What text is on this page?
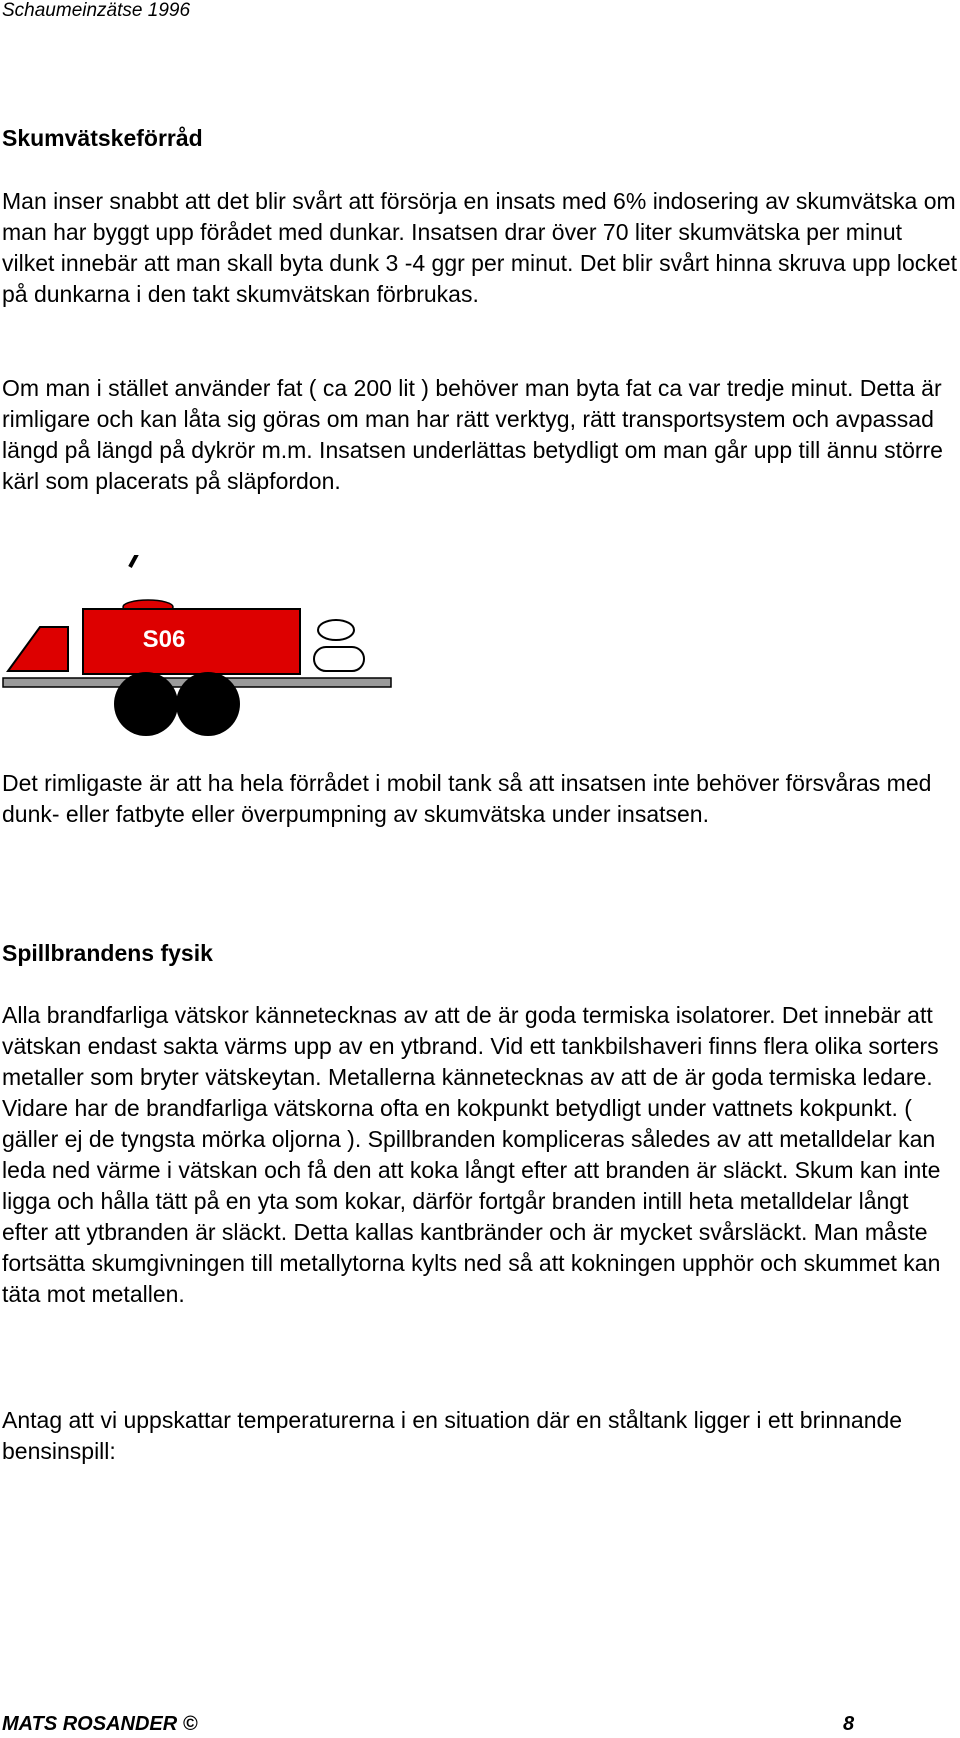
Schaumeinzätse 1996
Skumvätskeförråd

Man inser snabbt att det blir svårt att försörja en insats med 6% indosering av skumvätska om man har byggt upp förådet med dunkar. Insatsen drar över 70 liter skumvätska per minut vilket innebär att man skall byta dunk 3 -4 ggr per minut. Det blir svårt hinna skruva upp locket på dunkarna i den takt skumvätskan förbrukas.

Om man i stället använder fat ( ca 200 lit ) behöver man byta fat ca var tredje minut. Detta är rimligare och kan låta sig göras om man har rätt verktyg, rätt transportsystem och avpassad längd på längd på dykrör m.m. Insatsen underlättas betydligt om man går upp till ännu större kärl som placerats på släpfordon.

S06

Det rimligaste är att ha hela förrådet i mobil tank så att insatsen inte behöver försvåras med dunk- eller fatbyte eller överpumpning av skumvätska under insatsen.

Spillbrandens fysik

Alla brandfarliga vätskor kännetecknas av att de är goda termiska isolatorer. Det innebär att vätskan endast sakta värms upp av en ytbrand. Vid ett tankbilshaveri finns flera olika sorters metaller som bryter vätskeytan. Metallerna kännetecknas av att de är goda termiska ledare. Vidare har de brandfarliga vätskorna ofta en kokpunkt betydligt under vattnets kokpunkt. ( gäller ej de tyngsta mörka oljorna ). Spillbranden kompliceras således av att metalldelar kan leda ned värme i vätskan och få den att koka långt efter att branden är släckt. Skum kan inte ligga och hålla tätt på en yta som kokar, därför fortgår branden intill heta metalldelar långt efter att ytbranden är släckt. Detta kallas kantbränder och är mycket svårsläckt. Man måste fortsätta skumgivningen till metallytorna kylts ned så att kokningen upphör och skummet kan täta mot metallen.

Antag att vi uppskattar temperaturerna i en situation där en ståltank ligger i ett brinnande bensinspill:

MATS ROSANDER ©	8
